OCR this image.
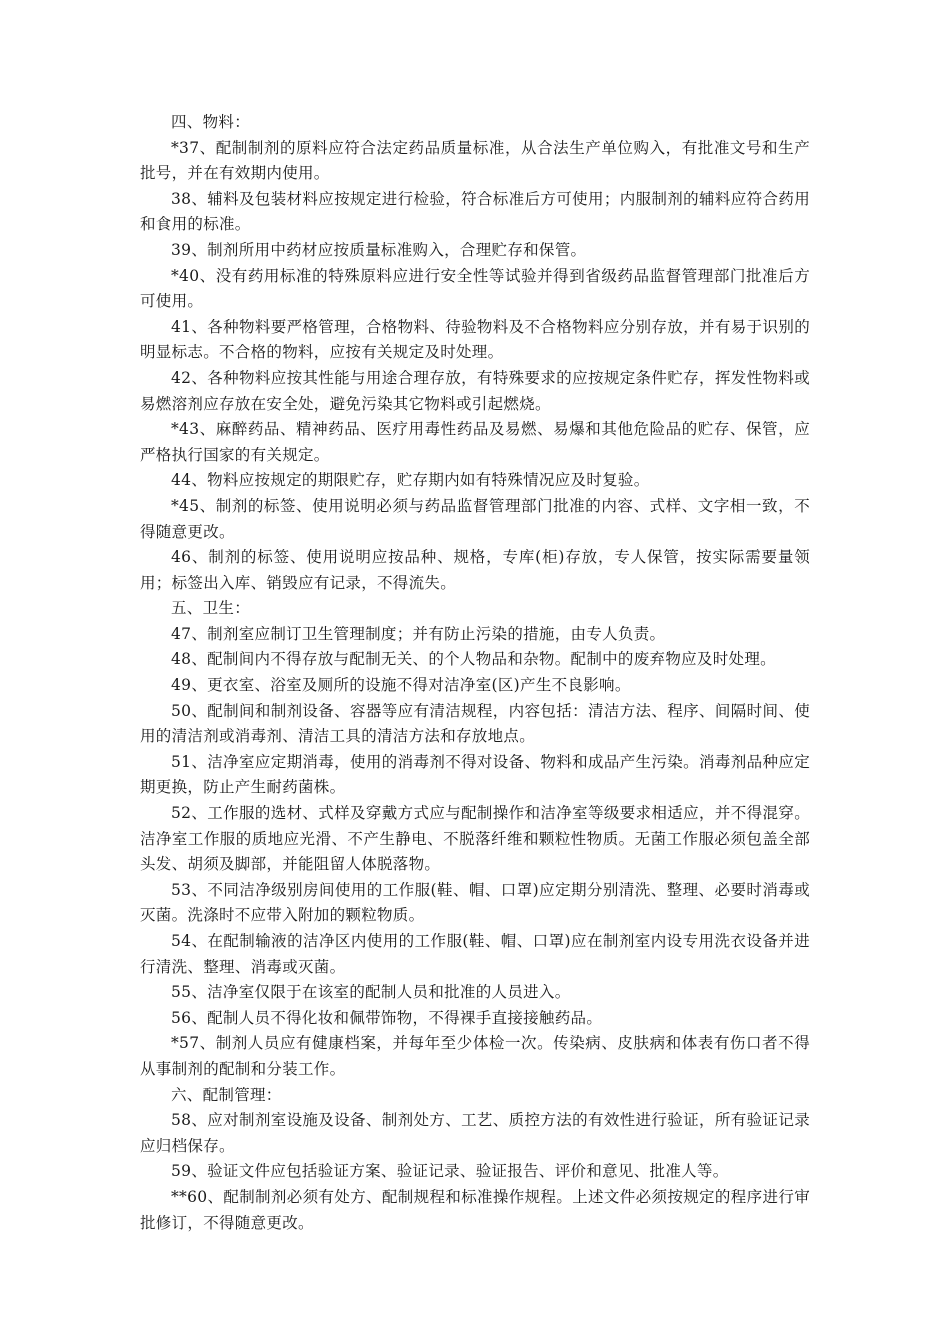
四、物料：

*37、配制制剂的原料应符合法定药品质量标准，从合法生产单位购入，有批准文号和生产批号，并在有效期内使用。

38、辅料及包装材料应按规定进行检验，符合标准后方可使用；内服制剂的辅料应符合药用和食用的标准。

39、制剂所用中药材应按质量标准购入，合理贮存和保管。

*40、没有药用标准的特殊原料应进行安全性等试验并得到省级药品监督管理部门批准后方可使用。

41、各种物料要严格管理，合格物料、待验物料及不合格物料应分别存放，并有易于识别的明显标志。不合格的物料，应按有关规定及时处理。

42、各种物料应按其性能与用途合理存放，有特殊要求的应按规定条件贮存，挥发性物料或易燃溶剂应存放在安全处，避免污染其它物料或引起燃烧。

*43、麻醉药品、精神药品、医疗用毒性药品及易燃、易爆和其他危险品的贮存、保管，应严格执行国家的有关规定。

44、物料应按规定的期限贮存，贮存期内如有特殊情况应及时复验。

*45、制剂的标签、使用说明必须与药品监督管理部门批准的内容、式样、文字相一致，不得随意更改。

46、制剂的标签、使用说明应按品种、规格，专库(柜)存放，专人保管，按实际需要量领用；标签出入库、销毁应有记录，不得流失。

五、卫生：

47、制剂室应制订卫生管理制度；并有防止污染的措施，由专人负责。

48、配制间内不得存放与配制无关、的个人物品和杂物。配制中的废弃物应及时处理。

49、更衣室、浴室及厕所的设施不得对洁净室(区)产生不良影响。

50、配制间和制剂设备、容器等应有清洁规程，内容包括：清洁方法、程序、间隔时间、使用的清洁剂或消毒剂、清洁工具的清洁方法和存放地点。

51、洁净室应定期消毒，使用的消毒剂不得对设备、物料和成品产生污染。消毒剂品种应定期更换，防止产生耐药菌株。

52、工作服的选材、式样及穿戴方式应与配制操作和洁净室等级要求相适应，并不得混穿。洁净室工作服的质地应光滑、不产生静电、不脱落纤维和颗粒性物质。无菌工作服必须包盖全部头发、胡须及脚部，并能阻留人体脱落物。

53、不同洁净级别房间使用的工作服(鞋、帽、口罩)应定期分别清洗、整理、必要时消毒或灭菌。洗涤时不应带入附加的颗粒物质。

54、在配制输液的洁净区内使用的工作服(鞋、帽、口罩)应在制剂室内设专用洗衣设备并进行清洗、整理、消毒或灭菌。

55、洁净室仅限于在该室的配制人员和批准的人员进入。

56、配制人员不得化妆和佩带饰物，不得裸手直接接触药品。

*57、制剂人员应有健康档案，并每年至少体检一次。传染病、皮肤病和体表有伤口者不得从事制剂的配制和分装工作。

六、配制管理：

58、应对制剂室设施及设备、制剂处方、工艺、质控方法的有效性进行验证，所有验证记录应归档保存。

59、验证文件应包括验证方案、验证记录、验证报告、评价和意见、批准人等。

**60、配制制剂必须有处方、配制规程和标准操作规程。上述文件必须按规定的程序进行审批修订，不得随意更改。
